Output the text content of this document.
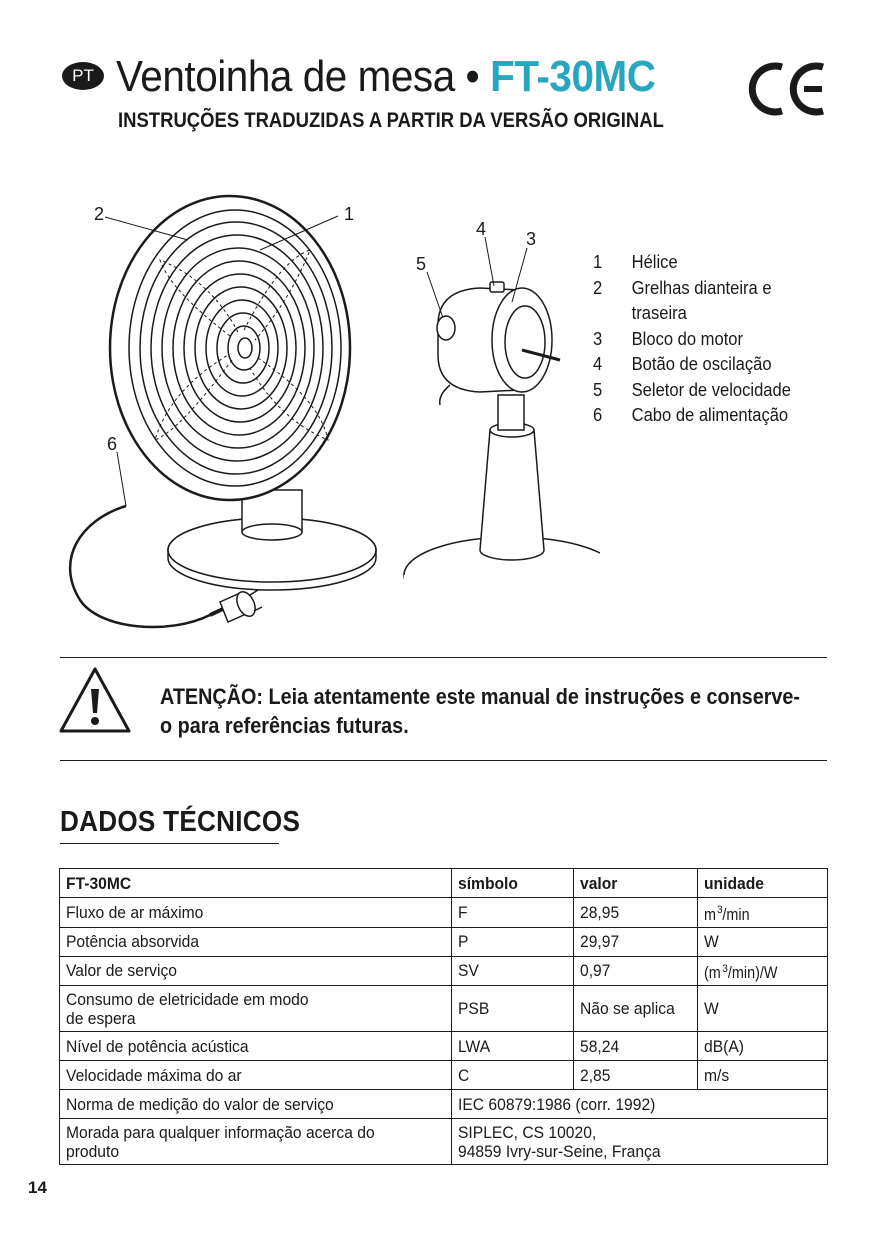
PT Ventoinha de mesa • FT-30MC
INSTRUÇÕES TRADUZIDAS A PARTIR DA VERSÃO ORIGINAL
2	1
4 3
5
6
1	Hélice
2	Grelhas dianteira e traseira
3	Bloco do motor
4	Botão de oscilação
5	Seletor de velocidade
6	Cabo de alimentação
ATENÇÃO: Leia atentamente este manual de instruções e conserve-o para referências futuras.
DADOS TÉCNICOS
FT-30MC	símbolo	valor	unidade
Fluxo de ar máximo	F	28,95	$m^3/\min$
Potência absorvida	P	29,97	W
Valor de serviço	SV	0,97	$(m^3/\min)/W$
Consumo de eletricidade em modo
de espera	PSB	Não se aplica	W
Nível de potência acústica	LWA	58,24	dB(A)
Velocidade máxima do ar	C	2,85	m/s
Norma de medição do valor de serviço	IEC 60879:1986 (corr. 1992)		
Morada para qualquer informação acerca do
produto	SIPLEC, CS 10020,
94859 Ivry-sur-Seine, França		
14
